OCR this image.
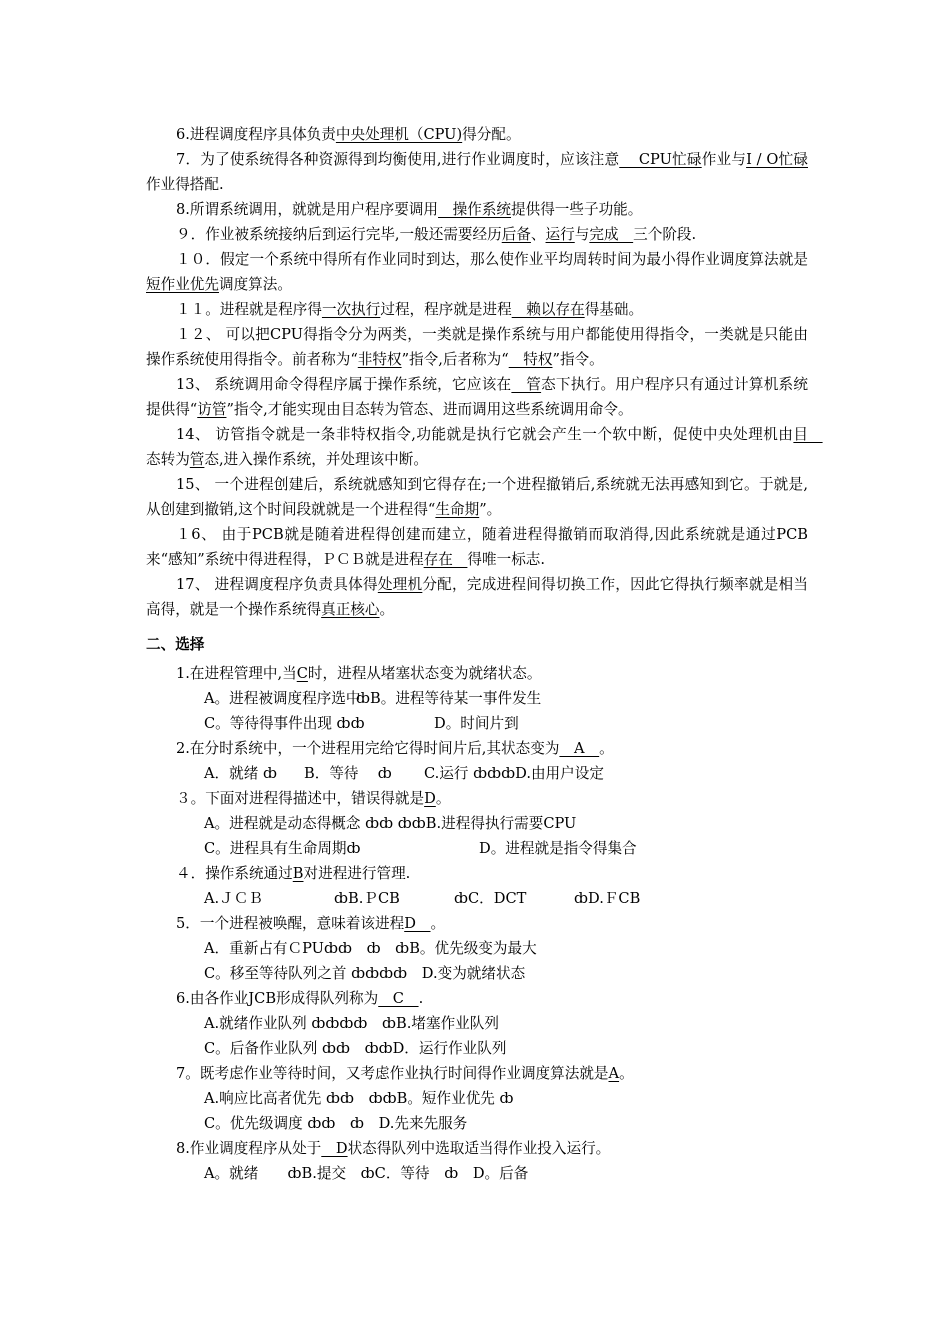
6.进程调度程序具体负责中央处理机（CPU)得分配。

7．为了使系统得各种资源得到均衡使用,进行作业调度时，应该注意　 CPU忙碌作业与I / O忙碌作业得搭配.

8.所谓系统调用，就就是用户程序要调用　操作系统提供得一些子功能。

９．作业被系统接纳后到运行完毕,一般还需要经历后备、运行与完成　三个阶段.

１０．假定一个系统中得所有作业同时到达，那么使作业平均周转时间为最小得作业调度算法就是短作业优先调度算法。

１１。进程就是程序得一次执行过程，程序就是进程　赖以存在得基础。

１２、 可以把CPU得指令分为两类，一类就是操作系统与用户都能使用得指令，一类就是只能由操作系统使用得指令。前者称为“非特权”指令,后者称为“　特权”指令。

13、 系统调用命令得程序属于操作系统，它应该在　管态下执行。用户程序只有通过计算机系统提供得“访管”指令,才能实现由目态转为管态、进而调用这些系统调用命令。

14、 访管指令就是一条非特权指令,功能就是执行它就会产生一个软中断，促使中央处理机由目　态转为管态,进入操作系统，并处理该中断。

15、 一个进程创建后，系统就感知到它得存在;一个进程撤销后,系统就无法再感知到它。于就是,从创建到撤销,这个时间段就就是一个进程得“生命期”。

１6、 由于PCB就是随着进程得创建而建立，随着进程得撤销而取消得,因此系统就是通过PCB来“感知”系统中得进程得，ＰＣＢ就是进程存在　得唯一标志.

17、 进程调度程序负责具体得处理机分配，完成进程间得切换工作，因此它得执行频率就是相当高得，就是一个操作系统得真正核心。

二、选择

1.在进程管理中,当C时，进程从堵塞状态变为就绪状态。

A。进程被调度程序选中ȸB。进程等待某一事件发生

C。等待得事件出现 ȸȸ	D。时间片到

2.在分时系统中，一个进程用完给它得时间片后,其状态变为　A　。

A．就绪 ȸ B．等待　 ȸ C.运行 ȸȸȸD.由用户设定

３。下面对进程得描述中，错误得就是D。

A。进程就是动态得概念 ȸȸ ȸȸB.进程得执行需要CPU

C。进程具有生命周期ȸ	D。进程就是指令得集合

４．操作系统通过B对进程进行管理.

A.ＪＣＢ	ȸB.ＰCB	ȸC．DCT	ȸD.ＦCB

5．一个进程被唤醒，意味着该进程D　。

A．重新占有ＣPUȸȸ　ȸ　ȸB。优先级变为最大

C。移至等待队列之首 ȸȸȸȸ　D.变为就绪状态

6.由各作业JCB形成得队列称为　C　.

A.就绪作业队列 ȸȸȸȸ　ȸB.堵塞作业队列

C。后备作业队列 ȸȸ　ȸȸD．运行作业队列

7。既考虑作业等待时间，又考虑作业执行时间得作业调度算法就是A。

A.响应比高者优先 ȸȸ　ȸȸB。短作业优先 ȸ

C。优先级调度 ȸȸ　ȸ　D.先来先服务

8.作业调度程序从处于　D状态得队列中选取适当得作业投入运行。

A。就绪　　ȸB.提交　ȸC．等待　ȸ　D。后备
